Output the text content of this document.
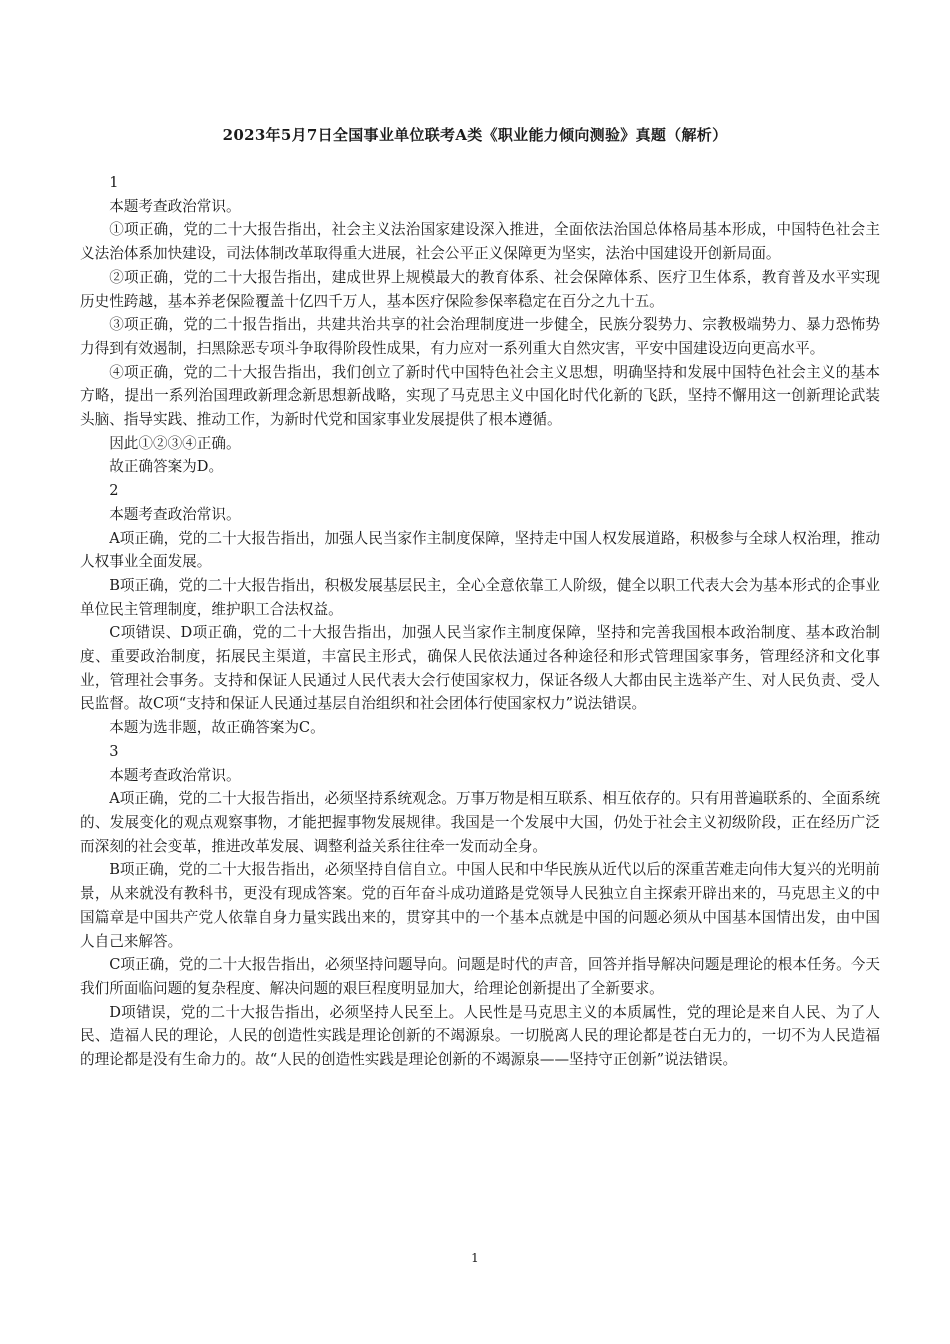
2023年5月7日全国事业单位联考A类《职业能力倾向测验》真题（解析）

1

本题考查政治常识。

①项正确，党的二十大报告指出，社会主义法治国家建设深入推进，全面依法治国总体格局基本形成，中国特色社会主义法治体系加快建设，司法体制改革取得重大进展，社会公平正义保障更为坚实，法治中国建设开创新局面。

②项正确，党的二十大报告指出，建成世界上规模最大的教育体系、社会保障体系、医疗卫生体系，教育普及水平实现历史性跨越，基本养老保险覆盖十亿四千万人，基本医疗保险参保率稳定在百分之九十五。

③项正确，党的二十报告指出，共建共治共享的社会治理制度进一步健全，民族分裂势力、宗教极端势力、暴力恐怖势力得到有效遏制，扫黑除恶专项斗争取得阶段性成果，有力应对一系列重大自然灾害，平安中国建设迈向更高水平。

④项正确，党的二十大报告指出，我们创立了新时代中国特色社会主义思想，明确坚持和发展中国特色社会主义的基本方略，提出一系列治国理政新理念新思想新战略，实现了马克思主义中国化时代化新的飞跃，坚持不懈用这一创新理论武装头脑、指导实践、推动工作，为新时代党和国家事业发展提供了根本遵循。

因此①②③④正确。

故正确答案为D。

2

本题考查政治常识。

A项正确，党的二十大报告指出，加强人民当家作主制度保障，坚持走中国人权发展道路，积极参与全球人权治理，推动人权事业全面发展。

B项正确，党的二十大报告指出，积极发展基层民主，全心全意依靠工人阶级，健全以职工代表大会为基本形式的企事业单位民主管理制度，维护职工合法权益。

C项错误、D项正确，党的二十大报告指出，加强人民当家作主制度保障，坚持和完善我国根本政治制度、基本政治制度、重要政治制度，拓展民主渠道，丰富民主形式，确保人民依法通过各种途径和形式管理国家事务，管理经济和文化事业，管理社会事务。支持和保证人民通过人民代表大会行使国家权力，保证各级人大都由民主选举产生、对人民负责、受人民监督。故C项“支持和保证人民通过基层自治组织和社会团体行使国家权力”说法错误。

本题为选非题，故正确答案为C。

3

本题考查政治常识。

A项正确，党的二十大报告指出，必须坚持系统观念。万事万物是相互联系、相互依存的。只有用普遍联系的、全面系统的、发展变化的观点观察事物，才能把握事物发展规律。我国是一个发展中大国，仍处于社会主义初级阶段，正在经历广泛而深刻的社会变革，推进改革发展、调整利益关系往往牵一发而动全身。

B项正确，党的二十大报告指出，必须坚持自信自立。中国人民和中华民族从近代以后的深重苦难走向伟大复兴的光明前景，从来就没有教科书，更没有现成答案。党的百年奋斗成功道路是党领导人民独立自主探索开辟出来的，马克思主义的中国篇章是中国共产党人依靠自身力量实践出来的，贯穿其中的一个基本点就是中国的问题必须从中国基本国情出发，由中国人自己来解答。

C项正确，党的二十大报告指出，必须坚持问题导向。问题是时代的声音，回答并指导解决问题是理论的根本任务。今天我们所面临问题的复杂程度、解决问题的艰巨程度明显加大，给理论创新提出了全新要求。

D项错误，党的二十大报告指出，必须坚持人民至上。人民性是马克思主义的本质属性，党的理论是来自人民、为了人民、造福人民的理论，人民的创造性实践是理论创新的不竭源泉。一切脱离人民的理论都是苍白无力的，一切不为人民造福的理论都是没有生命力的。故“人民的创造性实践是理论创新的不竭源泉——坚持守正创新”说法错误。

1
